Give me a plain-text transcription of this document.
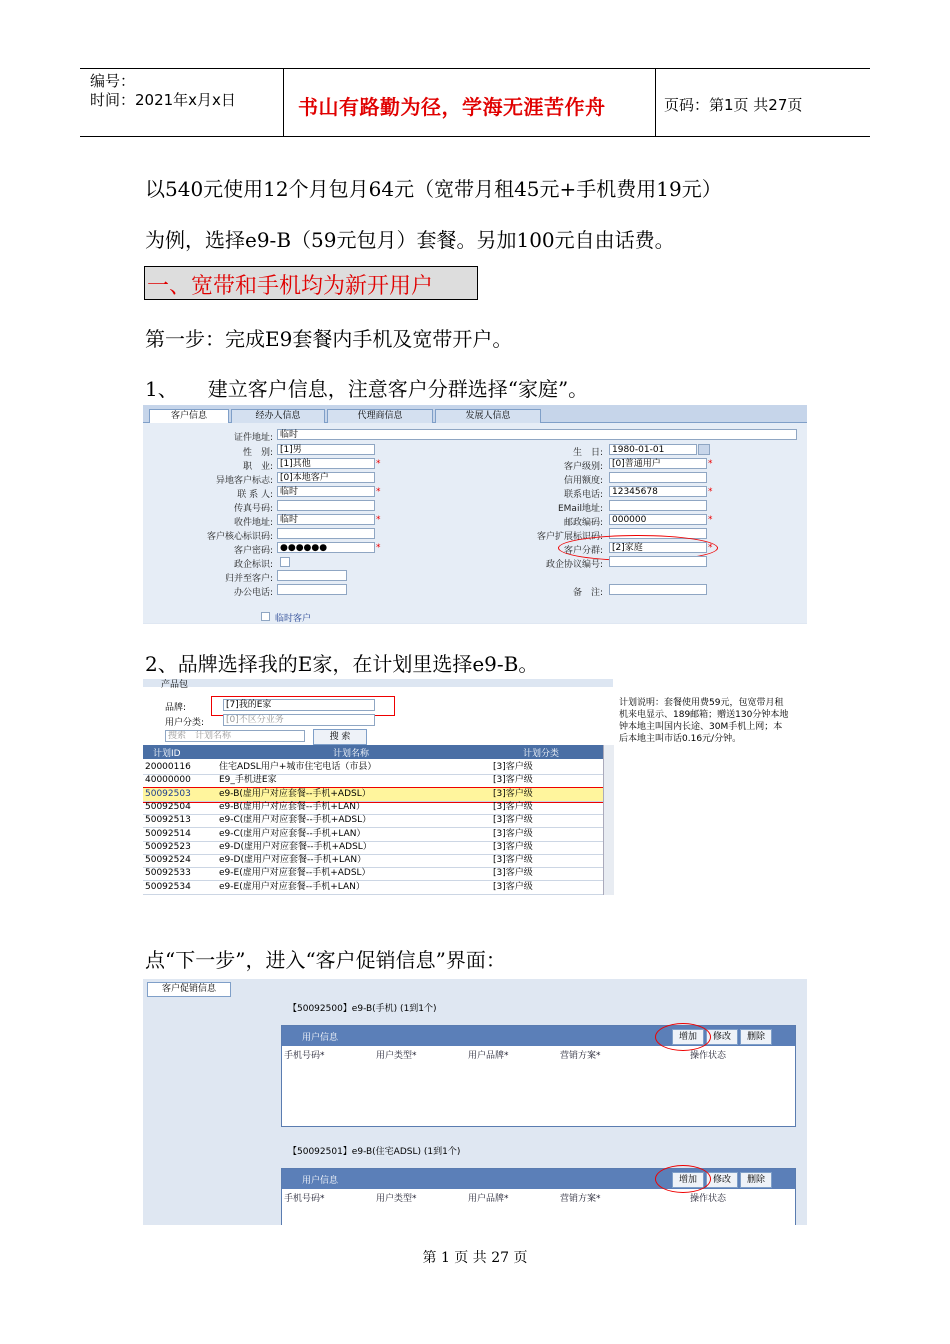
编号：
时间：2021年x月x日	书山有路勤为径，学海无涯苦作舟	页码：第1页 共27页
以540元使用12个月包月64元（宽带月租45元+手机费用19元）
为例，选择e9-B（59元包月）套餐。另加100元自由话费。
一、宽带和手机均为新开用户
第一步：完成E9套餐内手机及宽带开户。
1、　　建立客户信息，注意客户分群选择“家庭”。
客户信息	经办人信息	代理商信息	发展人信息
证件地址: 临时
性　别: [1]男
职　业: [1]其他	*
异地客户标志: [0]本地客户
联 系 人: 临时	*
传真号码:
收件地址: 临时	*
客户核心标识码:
客户密码: ●●●●●●	*
政企标识:
归并至客户:
办公电话:
生　日:	1980-01-01
客户级别:	[0]普通用户	*
信用额度:
联系电话:	12345678	*
EMail地址:
邮政编码:	000000	*
客户扩展标识码:
客户分群:	[2]家庭	*
政企协议编号:
备　注:
临时客户
2、品牌选择我的E家，在计划里选择e9-B。
产品包
品牌:	[7]我的E家
用户分类:	[0]不区分业务
搜索　计划名称	搜 索
计划ID	计划名称	计划分类
20000116	住宅ADSL用户+城市住宅电话（市县）	[3]客户级
40000000	E9_手机进E家	[3]客户级
50092503	e9-B(虚用户对应套餐--手机+ADSL）	[3]客户级
50092504	e9-B(虚用户对应套餐--手机+LAN）	[3]客户级
50092513	e9-C(虚用户对应套餐--手机+ADSL）	[3]客户级
50092514	e9-C(虚用户对应套餐--手机+LAN）	[3]客户级
50092523	e9-D(虚用户对应套餐--手机+ADSL）	[3]客户级
50092524	e9-D(虚用户对应套餐--手机+LAN）	[3]客户级
50092533	e9-E(虚用户对应套餐--手机+ADSL）	[3]客户级
50092534	e9-E(虚用户对应套餐--手机+LAN）	[3]客户级
计划说明：套餐使用费59元，包宽带月租
机来电显示、189邮箱；赠送130分钟本地
钟本地主叫国内长途、30M手机上网；本
后本地主叫市话0.16元/分钟。
点“下一步”，进入“客户促销信息”界面：
客户促销信息
【50092500】e9-B(手机) (1到1个)
用户信息	增加	修改	删除
手机号码*	用户类型*	用户品牌*	营销方案*	操作状态
【50092501】e9-B(住宅ADSL) (1到1个)
用户信息	增加	修改	删除
手机号码*	用户类型*	用户品牌*	营销方案*	操作状态
第 1 页 共 27 页
